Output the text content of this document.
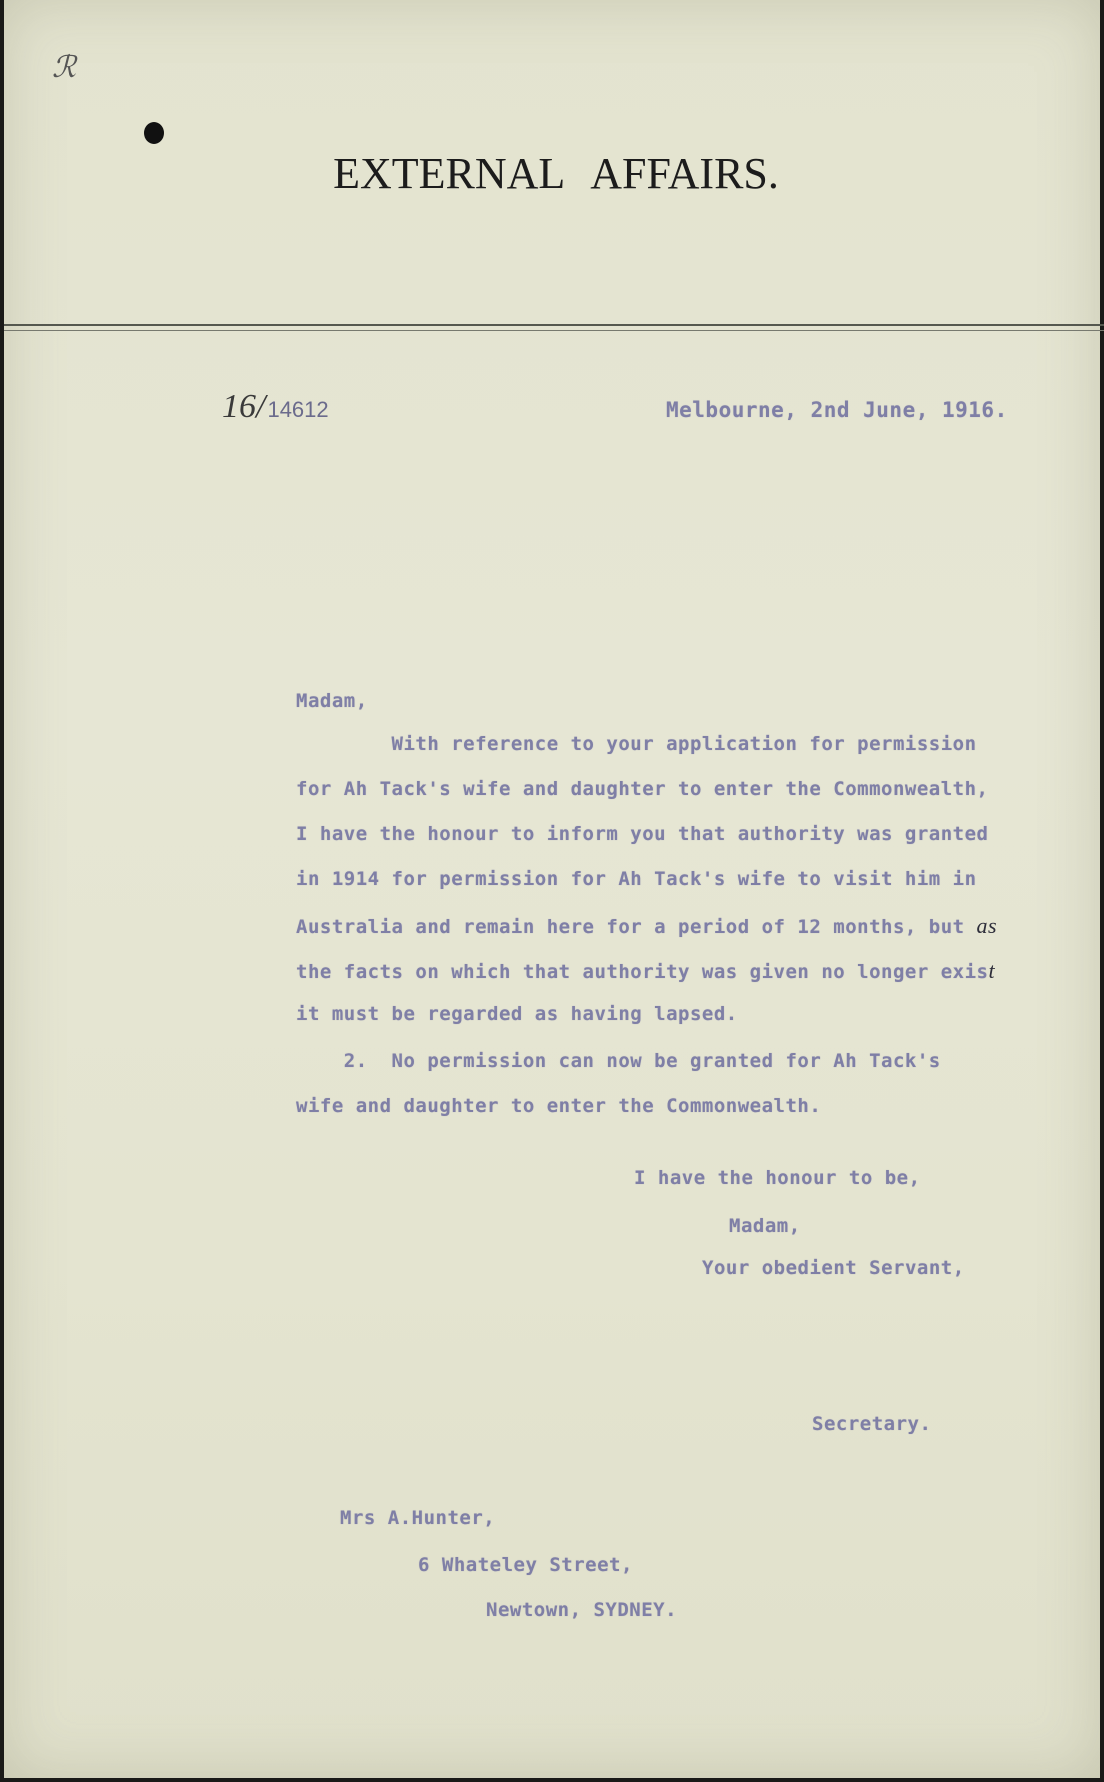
ℛ
EXTERNAL AFFAIRS.
16/14612	Melbourne, 2nd June, 1916.
Madam,
With reference to your application for permission
for Ah Tack's wife and daughter to enter the Commonwealth,
I have the honour to inform you that authority was granted
in 1914 for permission for Ah Tack's wife to visit him in
Australia and remain here for a period of 12 months, but as
the facts on which that authority was given no longer exist
it must be regarded as having lapsed.
2.  No permission can now be granted for Ah Tack's
wife and daughter to enter the Commonwealth.
I have the honour to be,
Madam,
Your obedient Servant,
Secretary.
Mrs A.Hunter,
6 Whateley Street,
Newtown, SYDNEY.
